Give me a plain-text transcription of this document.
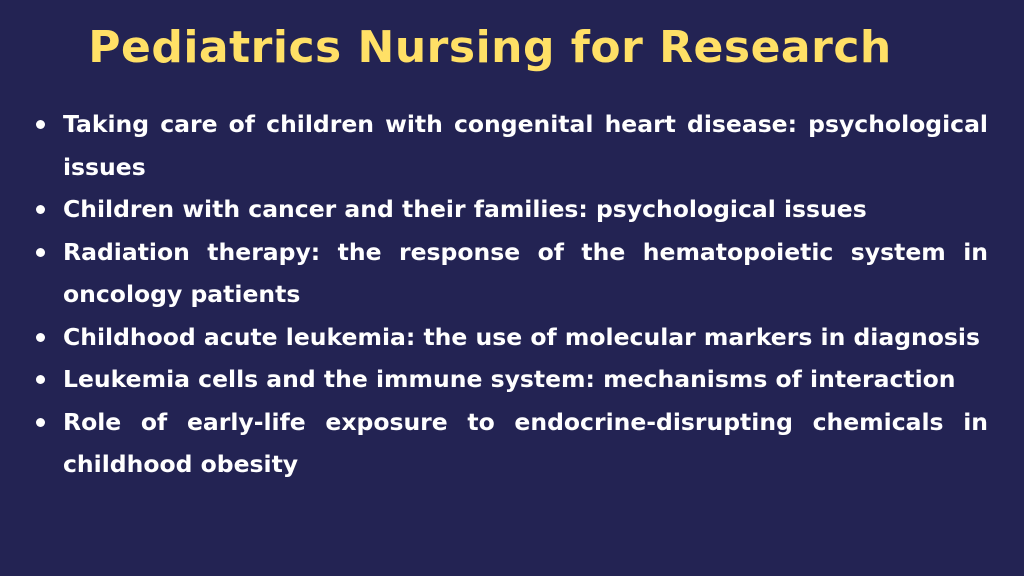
Pediatrics Nursing for Research
Taking care of children with congenital heart disease: psychological issues
Children with cancer and their families: psychological issues
Radiation therapy: the response of the hematopoietic system in oncology patients
Childhood acute leukemia: the use of molecular markers in diagnosis
Leukemia cells and the immune system: mechanisms of interaction
Role of early-life exposure to endocrine-disrupting chemicals in childhood obesity
